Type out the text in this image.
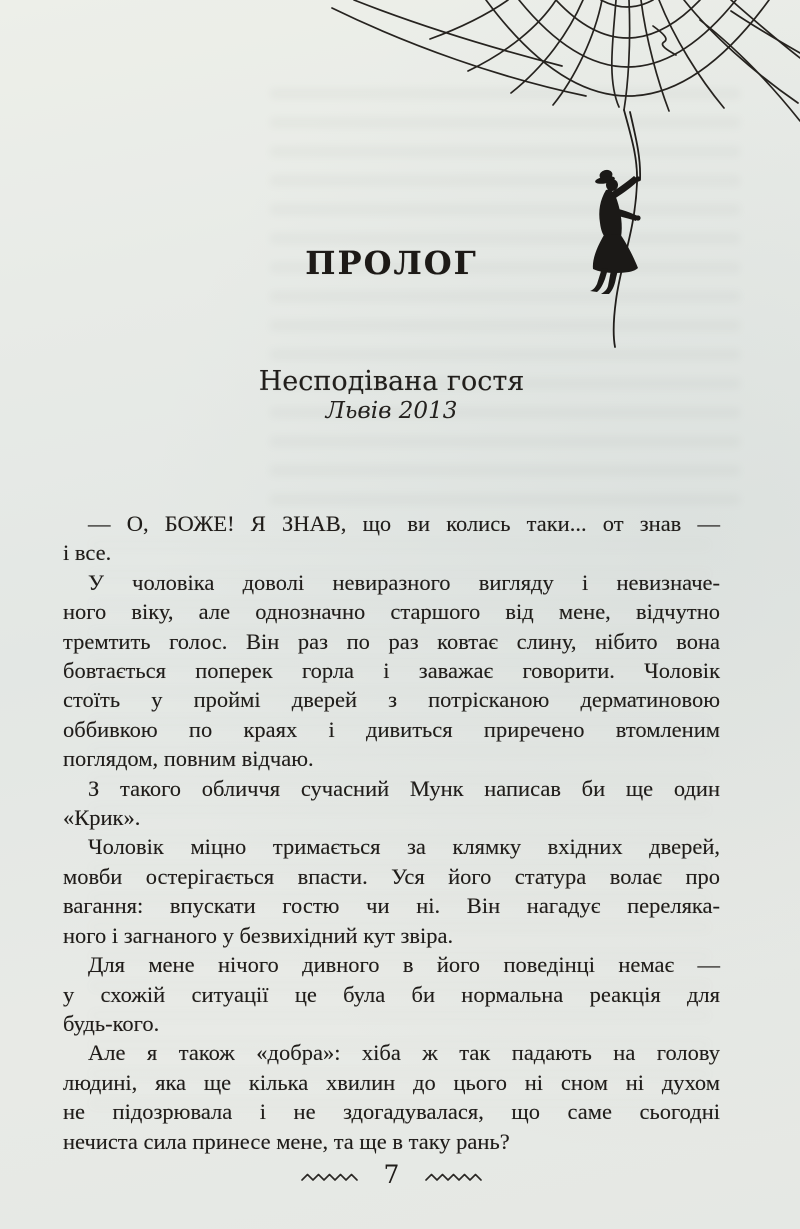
ПРОЛОГ
Несподівана гостя
Львів 2013
— О, БОЖЕ! Я ЗНАВ, що ви колись таки... от знав —
і все.
У чоловіка доволі невиразного вигляду і невизначе-
ного віку, але однозначно старшого від мене, відчутно
тремтить голос. Він раз по раз ковтає слину, нібито вона
бовтається поперек горла і заважає говорити. Чоловік
стоїть у проймі дверей з потрісканою дерматиновою
оббивкою по краях і дивиться приречено втомленим
поглядом, повним відчаю.
З такого обличчя сучасний Мунк написав би ще один
«Крик».
Чоловік міцно тримається за клямку вхідних дверей,
мовби остерігається впасти. Уся його статура волає про
вагання: впускати гостю чи ні. Він нагадує переляка-
ного і загнаного у безвихідний кут звіра.
Для мене нічого дивного в його поведінці немає —
у схожій ситуації це була би нормальна реакція для
будь-кого.
Але я також «добра»: хіба ж так падають на голову
людині, яка ще кілька хвилин до цього ні сном ні духом
не підозрювала і не здогадувалася, що саме сьогодні
нечиста сила принесе мене, та ще в таку рань?
7
